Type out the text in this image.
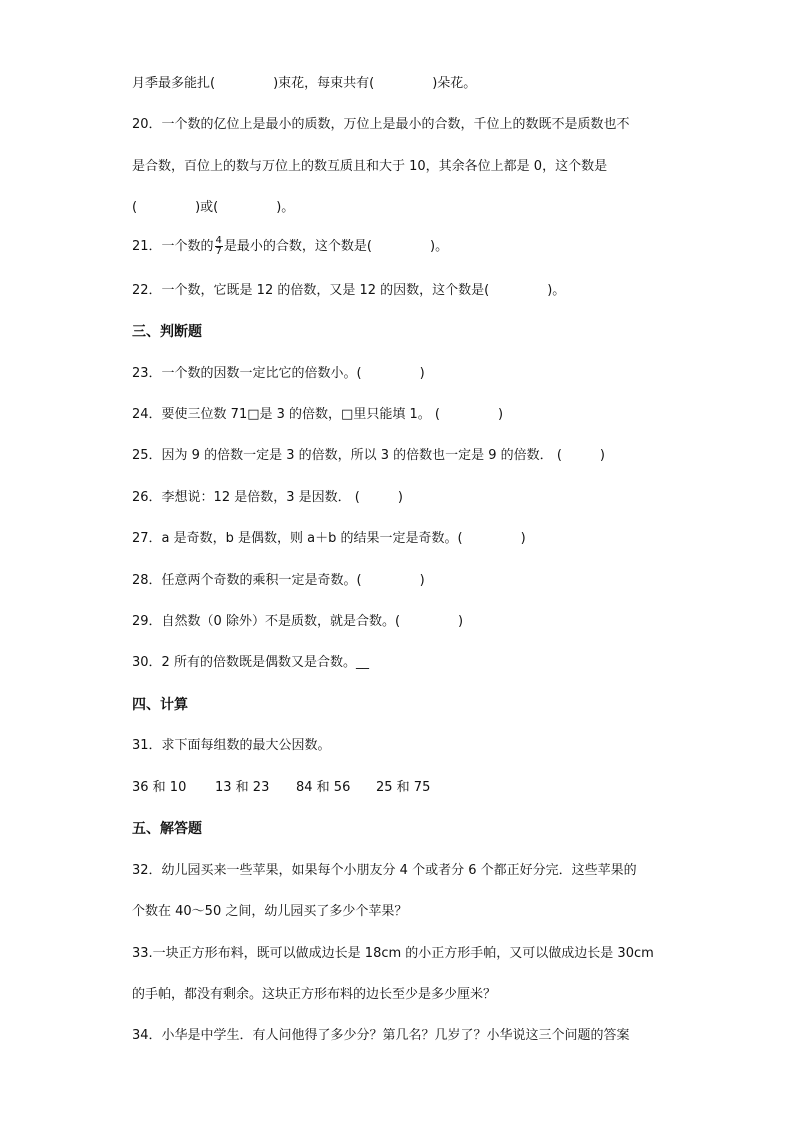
月季最多能扎(	)束花，每束共有(	)朵花。
20．一个数的亿位上是最小的质数，万位上是最小的合数，千位上的数既不是质数也不
是合数，百位上的数与万位上的数互质且和大于 10，其余各位上都是 0，这个数是
(	)或(	)。
21．一个数的 $\frac{4}{7}$ 是最小的合数，这个数是(	)。
22．一个数，它既是 12 的倍数，又是 12 的因数，这个数是(	)。
三、判断题
23．一个数的因数一定比它的倍数小。(	)
24．要使三位数 71□是 3 的倍数，□里只能填 1。 (	)
25．因为 9 的倍数一定是 3 的倍数，所以 3 的倍数也一定是 9 的倍数． (	)
26．李想说：12 是倍数，3 是因数． (	)
27．a 是奇数，b 是偶数，则 a＋b 的结果一定是奇数。(	)
28．任意两个奇数的乘积一定是奇数。(	)
29．自然数（0 除外）不是质数，就是合数。(	)
30．2 所有的倍数既是偶数又是合数。__
四、计算
31．求下面每组数的最大公因数。
36 和 10 13 和 23 84 和 56 25 和 75
五、解答题
32．幼儿园买来一些苹果，如果每个小朋友分 4 个或者分 6 个都正好分完．这些苹果的
个数在 40～50 之间，幼儿园买了多少个苹果？
33.一块正方形布料，既可以做成边长是 18cm 的小正方形手帕，又可以做成边长是 30cm
的手帕，都没有剩余。这块正方形布料的边长至少是多少厘米？
34．小华是中学生．有人问他得了多少分？第几名？几岁了？小华说这三个问题的答案
